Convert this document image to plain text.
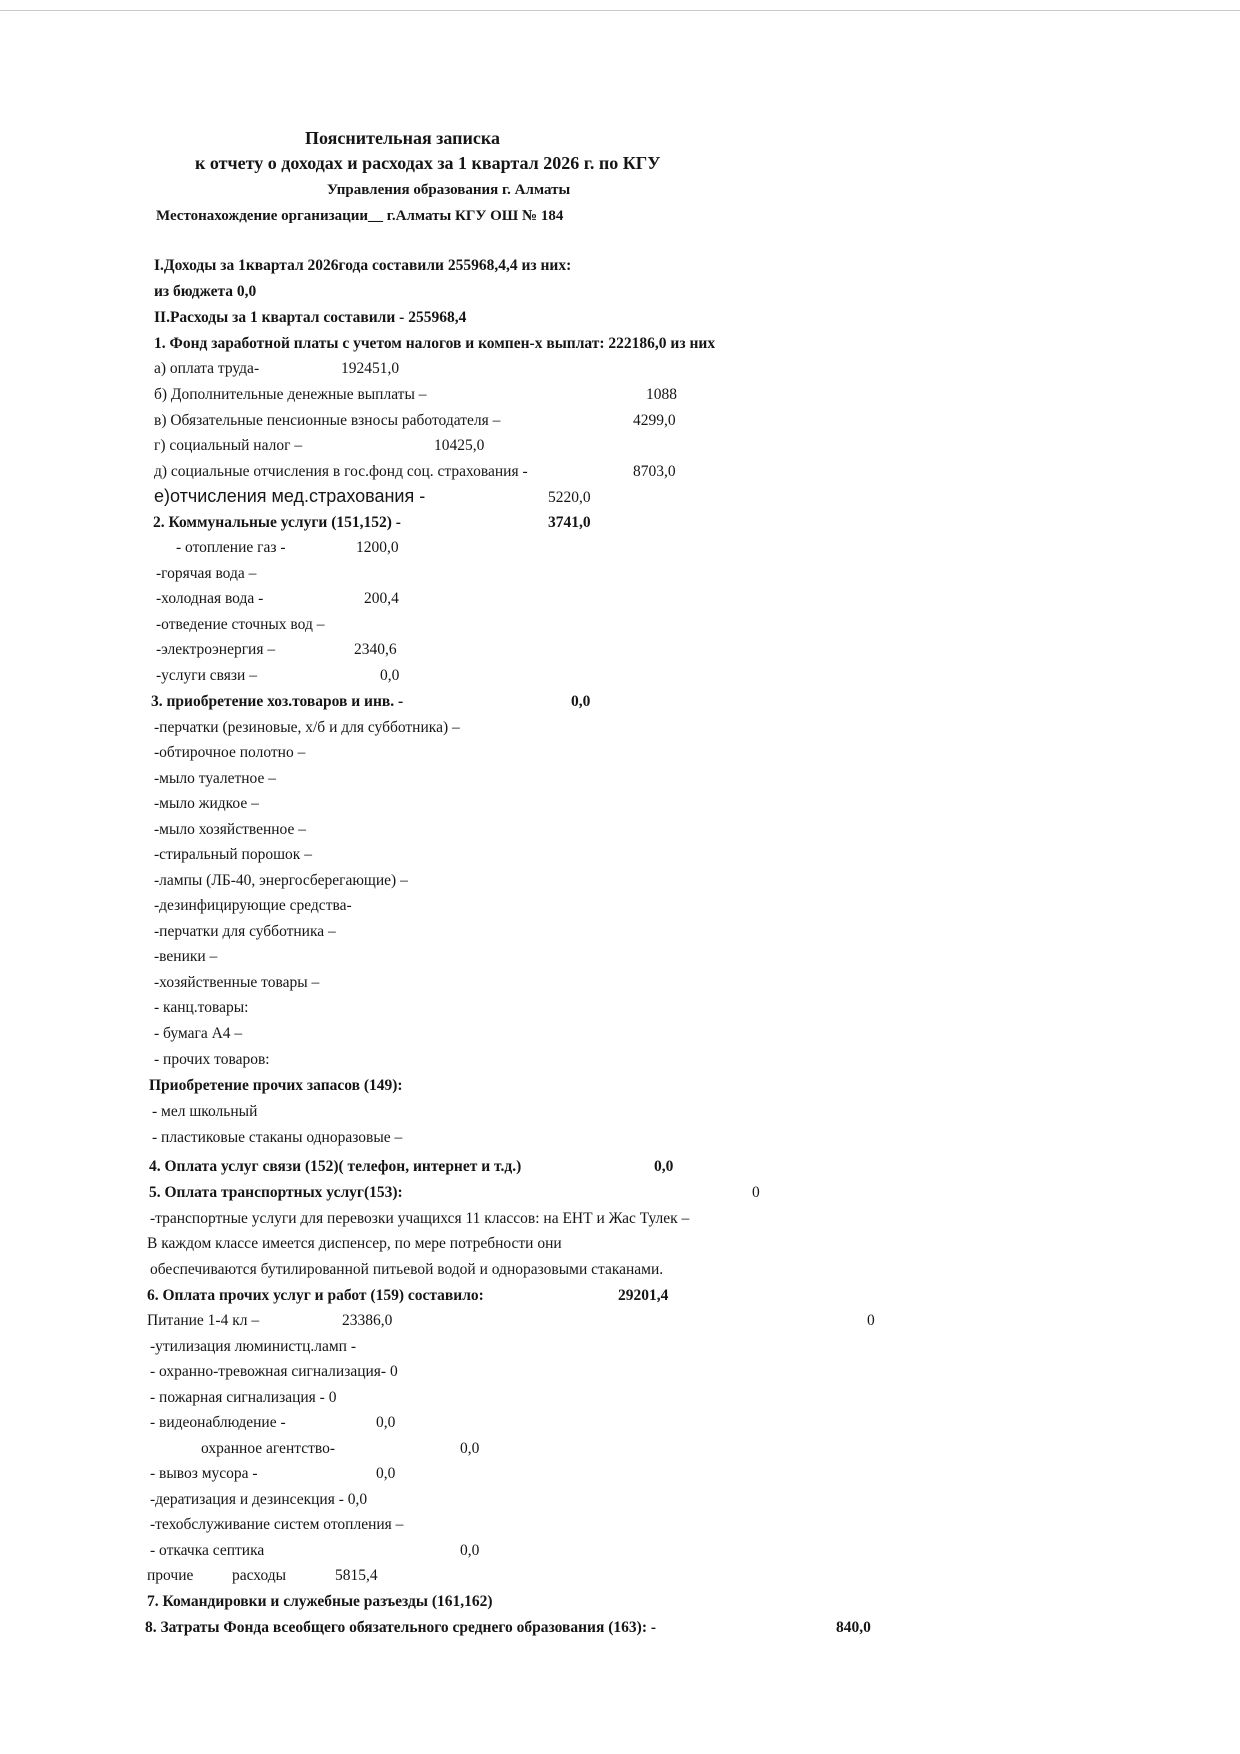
Пояснительная записка
к отчету о доходах и расходах за 1 квартал 2026 г. по КГУ
Управления образования г. Алматы
Местонахождение организации__ г.Алматы КГУ ОШ № 184
I.Доходы за 1квартал 2026года составили 255968,4,4 из них:
из бюджета 0,0
II.Расходы за 1 квартал составили - 255968,4
1. Фонд заработной платы с учетом налогов и компен-х выплат: 222186,0 из них
а) оплата труда-	192451,0
б) Дополнительные денежные выплаты –	1088
в) Обязательные пенсионные взносы работодателя –	4299,0
г) социальный налог –	10425,0
д) социальные отчисления в гос.фонд соц. страхования -	8703,0
е)отчисления мед.страхования -	5220,0
2. Коммунальные услуги (151,152) -	3741,0
- отопление газ -	1200,0
-горячая вода –
-холодная вода -	200,4
-отведение сточных вод –
-электроэнергия –	2340,6
-услуги связи –	0,0
3. приобретение хоз.товаров и инв. -	0,0
-перчатки (резиновые, х/б и для субботника) –
-обтирочное полотно –
-мыло туалетное –
-мыло жидкое –
-мыло хозяйственное –
-стиральный порошок –
-лампы (ЛБ-40, энергосберегающие) –
-дезинфицирующие средства-
-перчатки для субботника –
-веники –
-хозяйственные товары –
- канц.товары:
- бумага А4 –
- прочих товаров:
Приобретение прочих запасов (149):
- мел школьный
- пластиковые стаканы одноразовые –
4. Оплата услуг связи (152)( телефон, интернет и т.д.)	0,0
5. Оплата транспортных услуг(153):	0
-транспортные услуги для перевозки учащихся 11 классов: на ЕНТ и Жас Тулек –
В каждом классе имеется диспенсер, по мере потребности они
обеспечиваются бутилированной питьевой водой и одноразовыми стаканами.
6. Оплата прочих услуг и работ (159) составило:	29201,4
Питание 1-4 кл –	23386,0	0
-утилизация люминистц.ламп -
- охранно-тревожная сигнализация- 0
- пожарная сигнализация - 0
- видеонаблюдение -	0,0
охранное агентство-	0,0
- вывоз мусора -	0,0
-дератизация и дезинсекция - 0,0
-техобслуживание систем отопления –
- откачка септика	0,0
прочие расходы	5815,4
7. Командировки и служебные разъезды (161,162)
8. Затраты Фонда всеобщего обязательного среднего образования (163): -	840,0
